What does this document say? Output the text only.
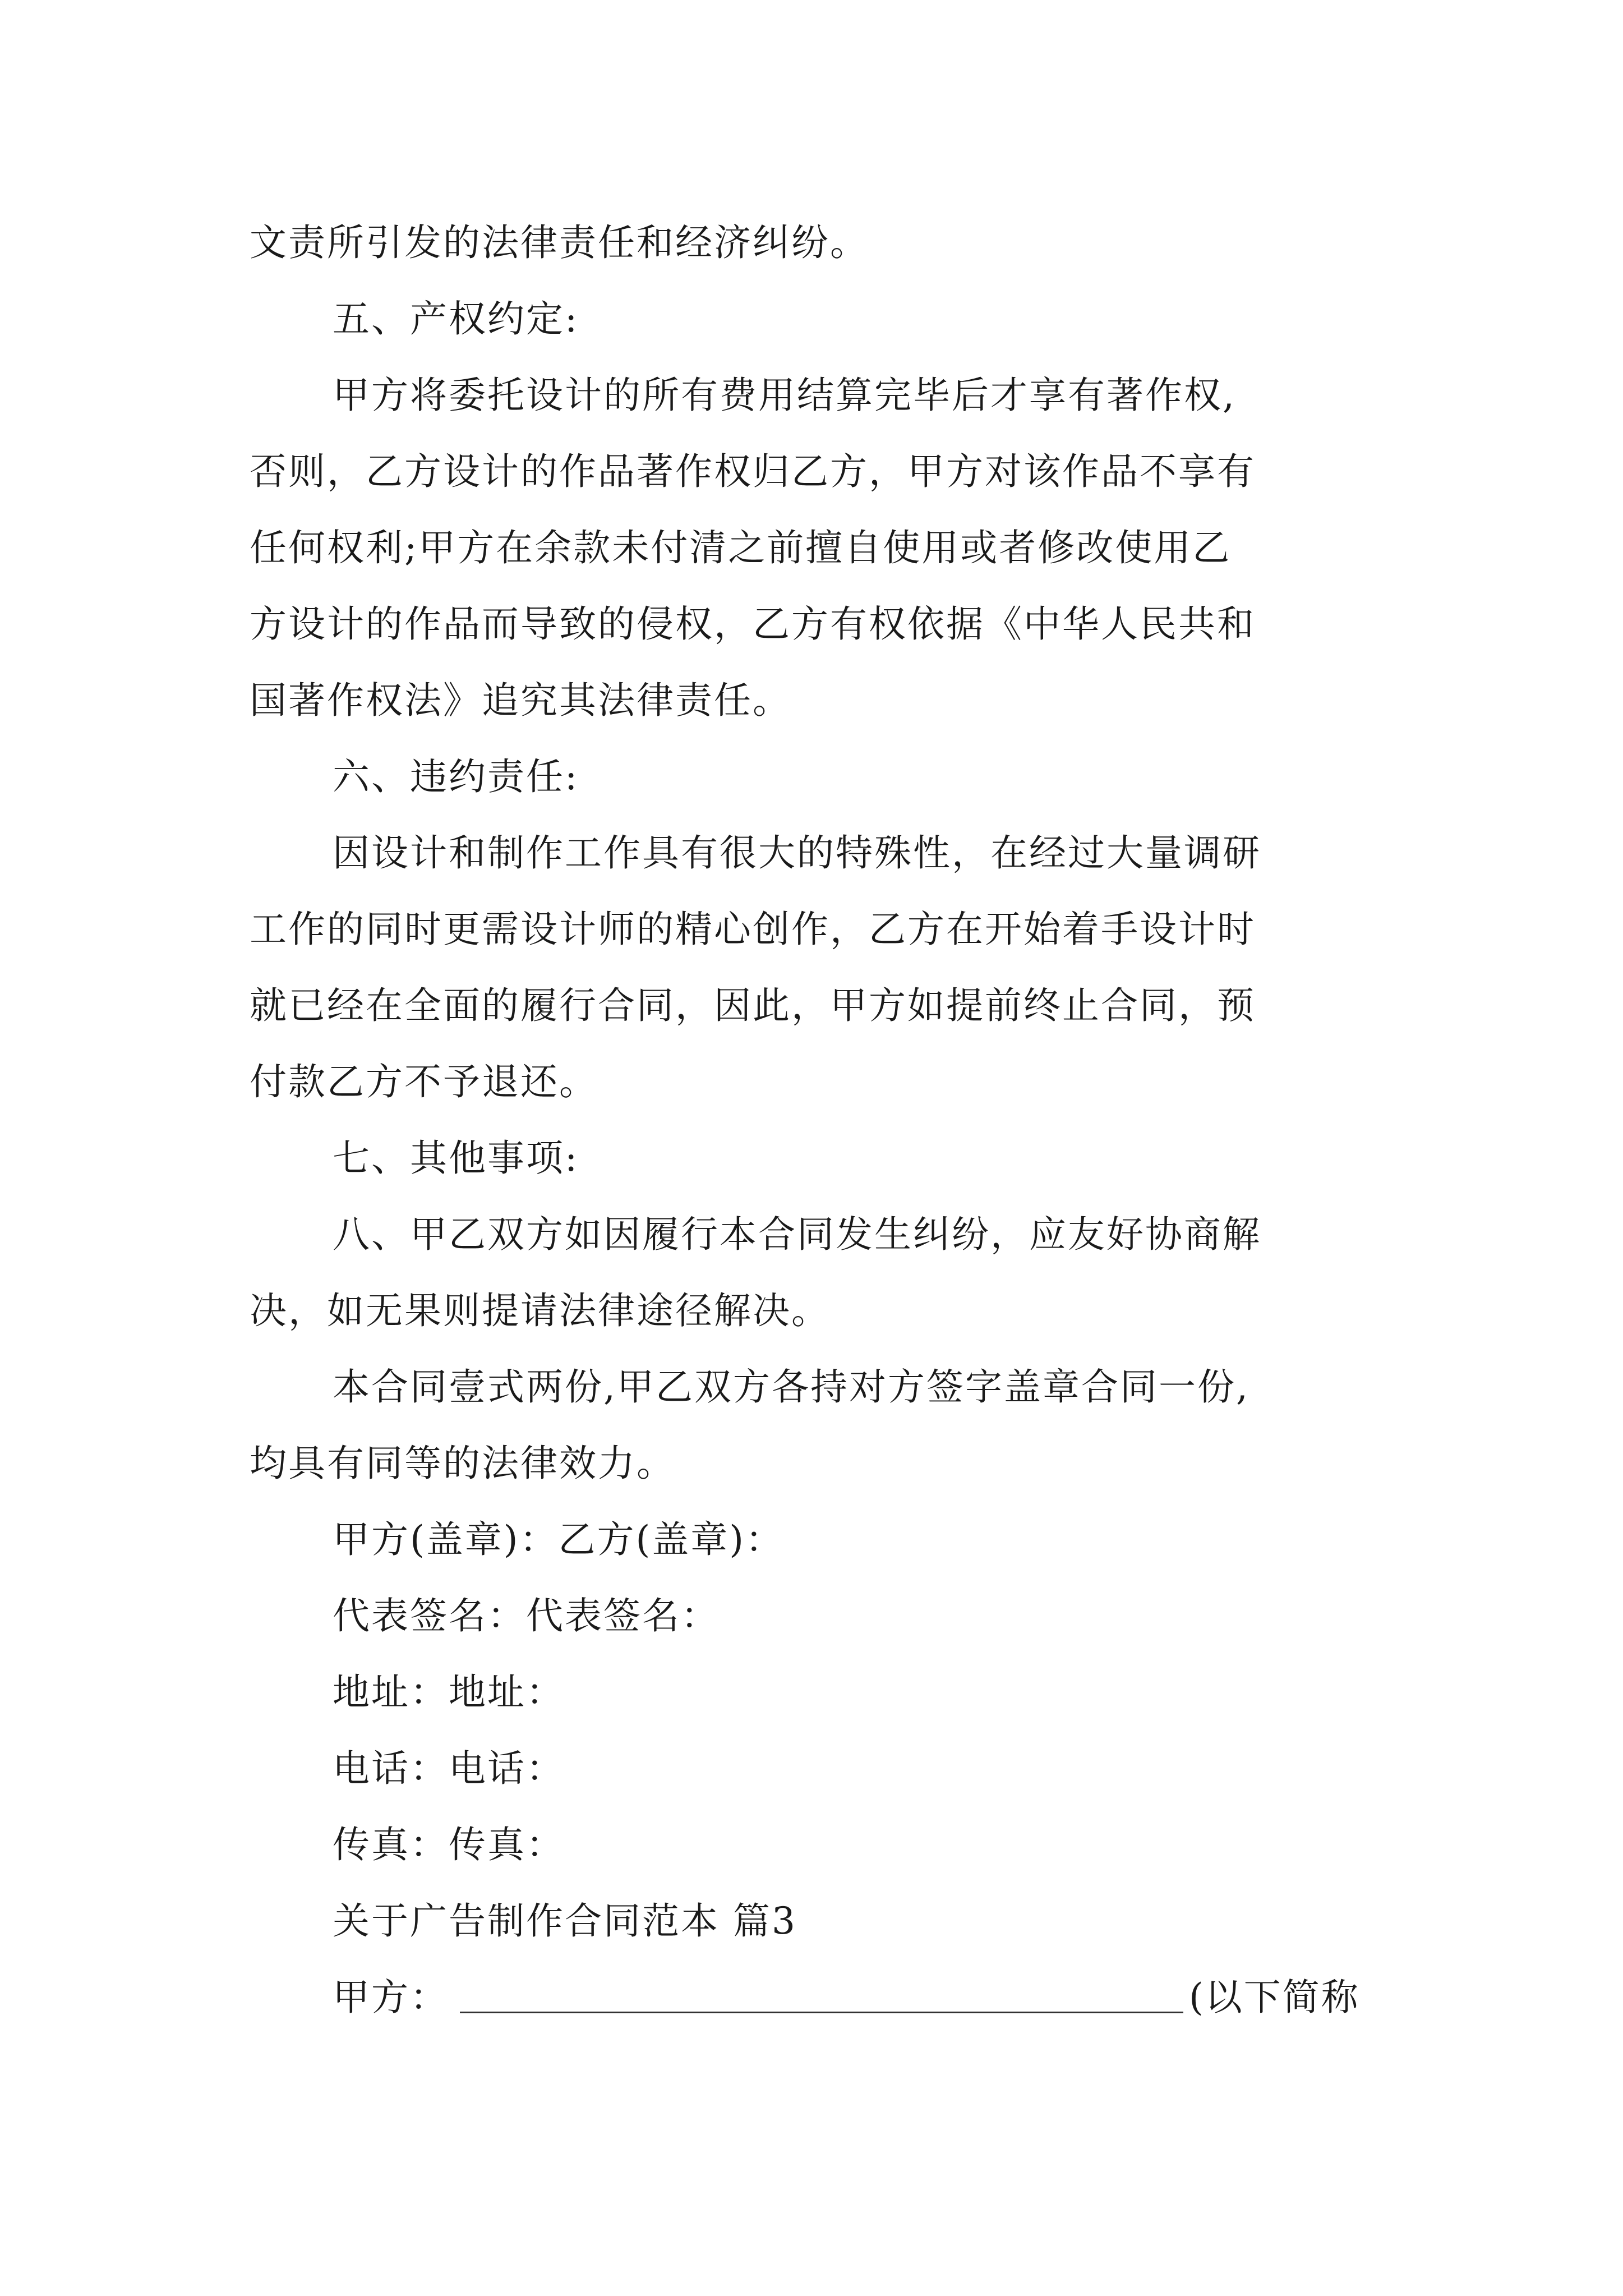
文责所引发的法律责任和经济纠纷。
五、产权约定:
甲方将委托设计的所有费用结算完毕后才享有著作权,
否则，乙方设计的作品著作权归乙方，甲方对该作品不享有
任何权利;甲方在余款未付清之前擅自使用或者修改使用乙
方设计的作品而导致的侵权，乙方有权依据《中华人民共和
国著作权法》追究其法律责任。
六、违约责任:
因设计和制作工作具有很大的特殊性，在经过大量调研
工作的同时更需设计师的精心创作，乙方在开始着手设计时
就已经在全面的履行合同，因此，甲方如提前终止合同，预
付款乙方不予退还。
七、其他事项:
八、甲乙双方如因履行本合同发生纠纷，应友好协商解
决，如无果则提请法律途径解决。
本合同壹式两份,甲乙双方各持对方签字盖章合同一份,
均具有同等的法律效力。
甲方(盖章)：乙方(盖章)：
代表签名：代表签名：
地址：地址：
电话：电话：
传真：传真：
关于广告制作合同范本 篇3
甲方：	(以下简称
